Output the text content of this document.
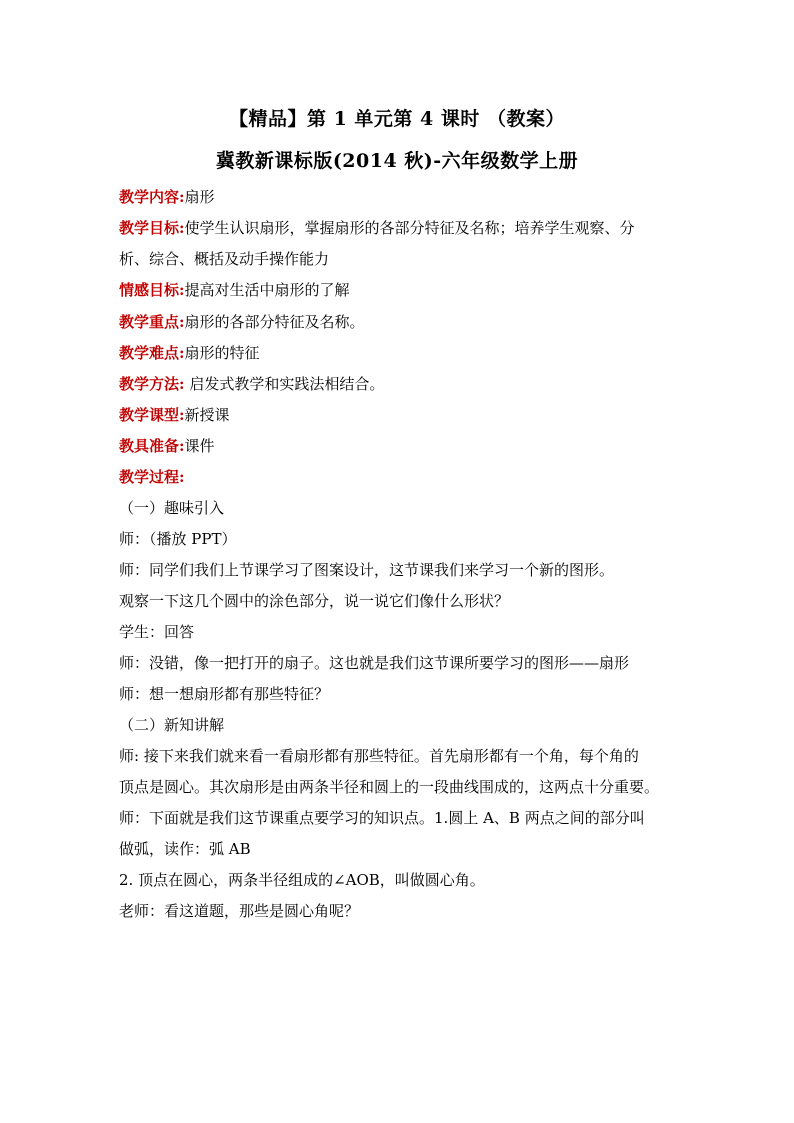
【精品】第 1 单元第 4 课时 （教案）
冀教新课标版(2014 秋)-六年级数学上册
教学内容:扇形
教学目标:使学生认识扇形，掌握扇形的各部分特征及名称；培养学生观察、分
析、综合、概括及动手操作能力
情感目标:提高对生活中扇形的了解
教学重点:扇形的各部分特征及名称。
教学难点:扇形的特征
教学方法: 启发式教学和实践法相结合。
教学课型:新授课
教具准备:课件
教学过程:
（一）趣味引入
师：（播放 PPT）
师：同学们我们上节课学习了图案设计，这节课我们来学习一个新的图形。
观察一下这几个圆中的涂色部分，说一说它们像什么形状？
学生：回答
师：没错，像一把打开的扇子。这也就是我们这节课所要学习的图形——扇形
师：想一想扇形都有那些特征？
（二）新知讲解
师: 接下来我们就来看一看扇形都有那些特征。首先扇形都有一个角，每个角的
顶点是圆心。其次扇形是由两条半径和圆上的一段曲线围成的，这两点十分重要。
师：下面就是我们这节课重点要学习的知识点。1.圆上 A、B 两点之间的部分叫
做弧，读作：弧 AB
2. 顶点在圆心，两条半径组成的∠AOB，叫做圆心角。
老师：看这道题，那些是圆心角呢？
